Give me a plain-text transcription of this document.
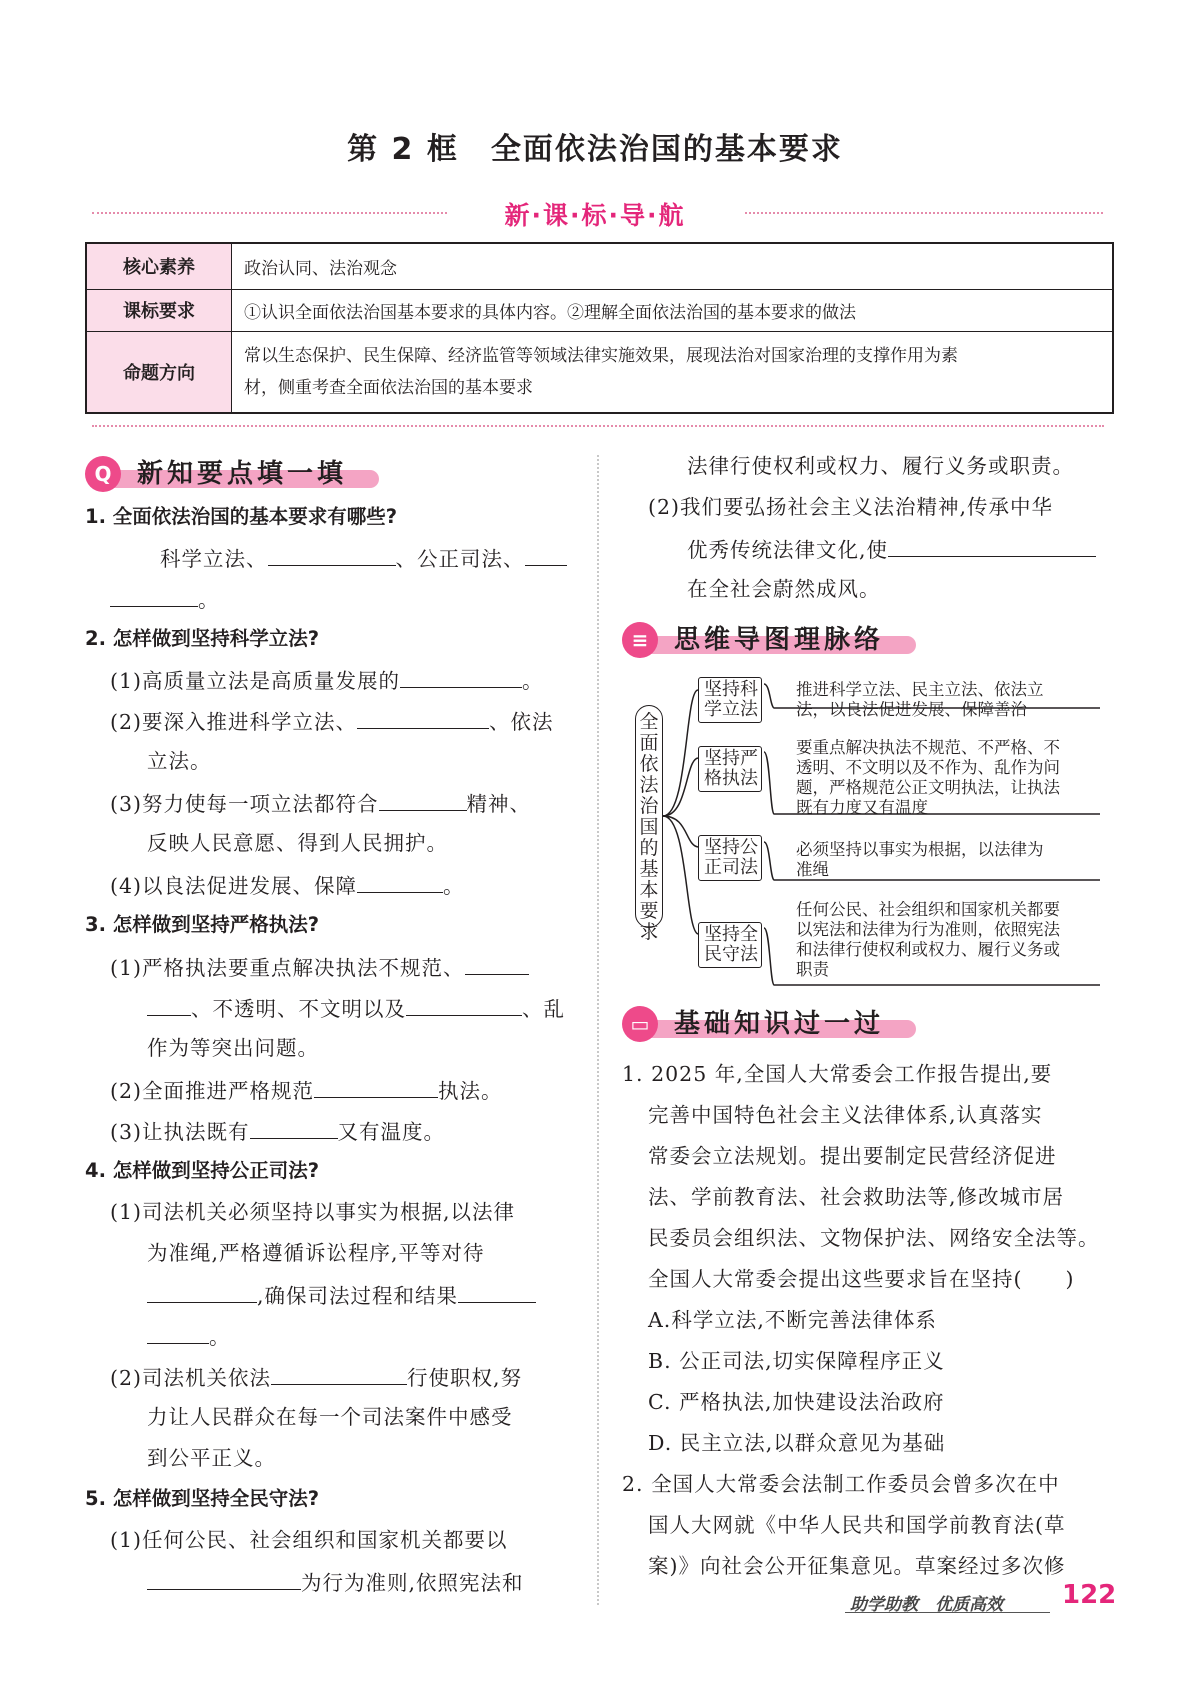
第 2 框　全面依法治国的基本要求
新·课·标·导·航
核心素养	政治认同、法治观念
课标要求	①认识全面依法治国基本要求的具体内容。②理解全面依法治国的基本要求的做法
命题方向	常以生态保护、民生保障、经济监管等领域法律实施效果，展现法治对国家治理的支撑作用为素
材，侧重考查全面依法治国的基本要求
Q 新知要点填一填
1. 全面依法治国的基本要求有哪些?
科学立法、	、公正司法、
。
2. 怎样做到坚持科学立法?
(1)高质量立法是高质量发展的	。
(2)要深入推进科学立法、	、依法
立法。
(3)努力使每一项立法都符合	精神、
反映人民意愿、得到人民拥护。
(4)以良法促进发展、保障	。
3. 怎样做到坚持严格执法?
(1)严格执法要重点解决执法不规范、
、不透明、不文明以及	、乱
作为等突出问题。
(2)全面推进严格规范	执法。
(3)让执法既有	又有温度。
4. 怎样做到坚持公正司法?
(1)司法机关必须坚持以事实为根据,以法律
为准绳,严格遵循诉讼程序,平等对待
,确保司法过程和结果
。
(2)司法机关依法	行使职权,努
力让人民群众在每一个司法案件中感受
到公平正义。
5. 怎样做到坚持全民守法?
(1)任何公民、社会组织和国家机关都要以
为行为准则,依照宪法和
法律行使权利或权力、履行义务或职责。
(2)我们要弘扬社会主义法治精神,传承中华
优秀传统法律文化,使
在全社会蔚然成风。
≡ 思维导图理脉络
全
面
依
法
治
国
的
基
本
要
求
坚持科
学立法
坚持严
格执法
坚持公
正司法
坚持全
民守法
推进科学立法、民主立法、依法立
法，以良法促进发展、保障善治
要重点解决执法不规范、不严格、不
透明、不文明以及不作为、乱作为问
题，严格规范公正文明执法，让执法
既有力度又有温度
必须坚持以事实为根据，以法律为
准绳
任何公民、社会组织和国家机关都要
以宪法和法律为行为准则，依照宪法
和法律行使权利或权力、履行义务或
职责
▭ 基础知识过一过
1. 2025 年,全国人大常委会工作报告提出,要
完善中国特色社会主义法律体系,认真落实
常委会立法规划。提出要制定民营经济促进
法、学前教育法、社会救助法等,修改城市居
民委员会组织法、文物保护法、网络安全法等。
全国人大常委会提出这些要求旨在坚持(　　)
A.科学立法,不断完善法律体系
B. 公正司法,切实保障程序正义
C. 严格执法,加快建设法治政府
D. 民主立法,以群众意见为基础
2. 全国人大常委会法制工作委员会曾多次在中
国人大网就《中华人民共和国学前教育法(草
案)》向社会公开征集意见。草案经过多次修
助学助教　优质高效 122
